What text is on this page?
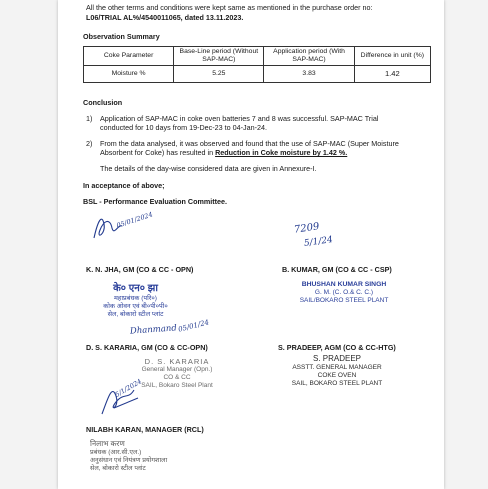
All the other terms and conditions were kept same as mentioned in the purchase order no:
L06/TRIAL AL%/4540011065, dated 13.11.2023.
Observation Summary
Coke Parameter	Base-Line period (Without SAP-MAC)	Application period (With SAP-MAC)	Difference in unit (%)
Moisture %	5.25	3.83	1.42
Conclusion
1) Application of SAP-MAC in coke oven batteries 7 and 8 was successful. SAP-MAC Trial
conducted for 10 days from 19-Dec-23 to 04-Jan-24.
2) From the data analysed, it was observed and found that the use of SAP-MAC (Super Moisture
Absorbent for Coke) has resulted in Reduction in Coke moisture by 1.42 %.
The details of the day-wise considered data are given in Annexure-I.
In acceptance of above;
BSL - Performance Evaluation Committee.
05/01/2024	7209
5/1/24
K. N. JHA, GM (CO & CC - OPN)	B. KUMAR, GM (CO & CC - CSP)
BHUSHAN KUMAR SINGH
G. M. (C. O.& C. C.)
SAIL/BOKARO STEEL PLANT
के० एन० झा
महाप्रबंधक (परि०)
कोक ओवन एवं बी०पी०पी०
सेल, बोकारो स्टील प्लांट
Dhanmand 05/01/24
D. S. KARARIA, GM (CO & CC-OPN)	S. PRADEEP, AGM (CO & CC-HTG)
S. PRADEEP
ASSTT. GENERAL MANAGER
COKE OVEN
SAIL, BOKARO STEEL PLANT
D. S. KARARIA
General Manager (Opn.)
CO & CC
SAIL, Bokaro Steel Plant
5/1/2024
NILABH KARAN, MANAGER (RCL)
निलाभ करण
प्रबंधक (आर.सी.एल.)
अनुसंधान एवं नियंत्रण प्रयोगशाला
सेल, बोकारो स्टील प्लांट
